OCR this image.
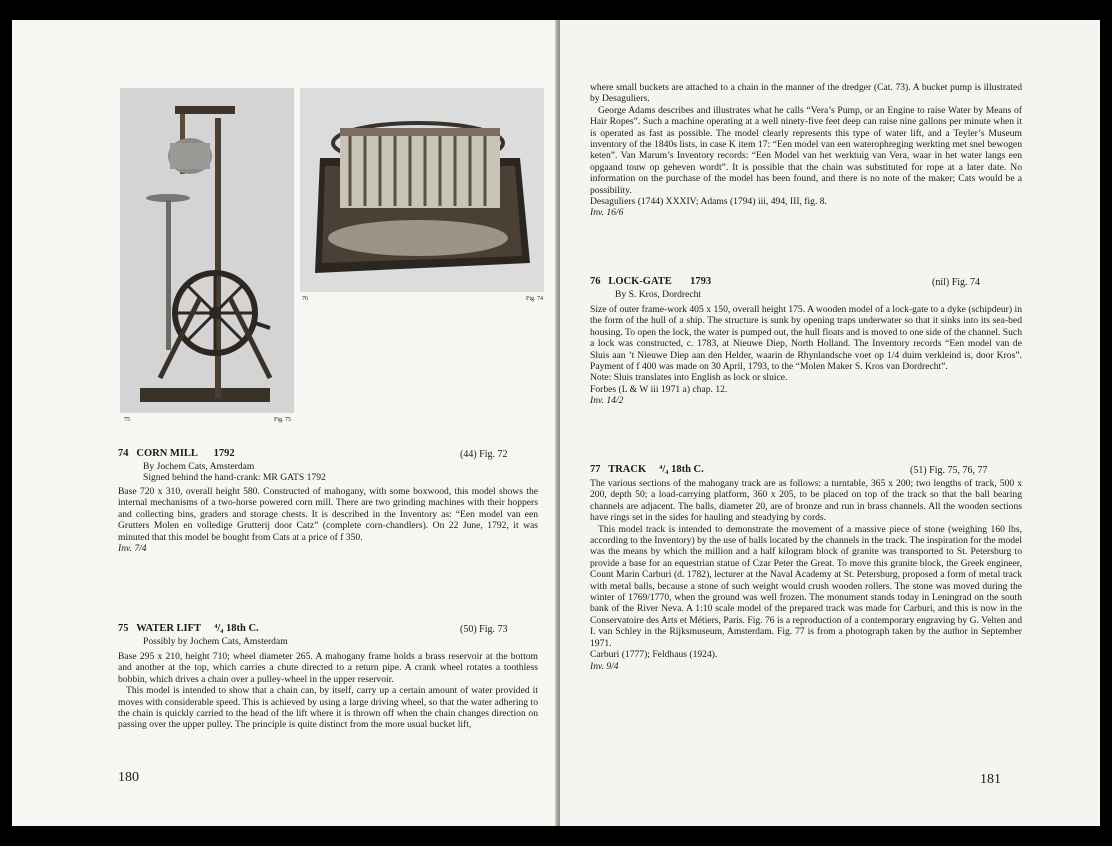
75	Fig. 75
76	Fig. 74
74 CORN MILL 1792	(44) Fig. 72
By Jochem Cats, Amsterdam
Signed behind the hand-crank: MR GATS 1792

Base 720 x 310, overall height 580. Constructed of mahogany, with some boxwood, this model shows the internal mechanisms of a two-horse powered corn mill. There are two grinding machines with their hoppers and collecting bins, graders and storage chests. It is described in the Inventory as: “Een model van een Grutters Molen en volledige Grutterij door Catz” (complete corn-chandlers). On 22 June, 1792, it was minuted that this model be bought from Cats at a price of f 350.

Inv. 7/4

75 WATER LIFT ⁴/₄ 18th C.	(50) Fig. 73
Possibly by Jochem Cats, Amsterdam

Base 295 x 210, height 710; wheel diameter 265. A mahogany frame holds a brass reservoir at the bottom and another at the top, which carries a chute directed to a return pipe. A crank wheel rotates a toothless bobbin, which drives a chain over a pulley-wheel in the upper reservoir.

This model is intended to show that a chain can, by itself, carry up a certain amount of water provided it moves with considerable speed. This is achieved by using a large driving wheel, so that the water adhering to the chain is quickly carried to the head of the lift where it is thrown off when the chain changes direction on passing over the upper pulley. The principle is quite distinct from the more usual bucket lift,

180

where small buckets are attached to a chain in the manner of the dredger (Cat. 73). A bucket pump is illustrated by Desaguliers.

George Adams describes and illustrates what he calls “Vera’s Pump, or an Engine to raise Water by Means of Hair Ropes”. Such a machine operating at a well ninety-five feet deep can raise nine gallons per minute when it is operated as fast as possible. The model clearly represents this type of water lift, and a Teyler’s Museum inventory of the 1840s lists, in case K item 17: “Een model van een waterophreging werkting met snel bewogen keten”. Van Marum’s Inventory records: “Een Model van het werktuig van Vera, waar in het water langs een opgaand touw op geheven wordt”. It is possible that the chain was substituted for rope at a later date. No information on the purchase of the model has been found, and there is no note of the maker; Cats would be a possibility.

Desaguliers (1744) XXXIV; Adams (1794) iii, 494, III, fig. 8.

Inv. 16/6

76 LOCK-GATE 1793	(nil) Fig. 74
By S. Kros, Dordrecht

Size of outer frame-work 405 x 150, overall height 175. A wooden model of a lock-gate to a dyke (schipdeur) in the form of the hull of a ship. The structure is sunk by opening traps underwater so that it sinks into its sea-bed housing. To open the lock, the water is pumped out, the hull floats and is moved to one side of the channel. Such a lock was constructed, c. 1783, at Nieuwe Diep, North Holland. The Inventory records “Een model van de Sluis aan ’t Nieuwe Diep aan den Helder, waarin de Rhynlandsche voet op 1/4 duim verkleind is, door Kros”. Payment of f 400 was made on 30 April, 1793, to the “Molen Maker S. Kros van Dordrecht”.

Note: Sluis translates into English as lock or sluice.

Forbes (L & W iii 1971 a) chap. 12.

Inv. 14/2

77 TRACK ⁴/₄ 18th C.	(51) Fig. 75, 76, 77

The various sections of the mahogany track are as follows: a turntable, 365 x 200; two lengths of track, 500 x 200, depth 50; a load-carrying platform, 360 x 205, to be placed on top of the track so that the ball bearing channels are adjacent. The balls, diameter 20, are of bronze and run in brass channels. All the wooden sections have rings set in the sides for hauling and steadying by cords.

This model track is intended to demonstrate the movement of a massive piece of stone (weighing 160 lbs, according to the Inventory) by the use of balls located by the channels in the track. The inspiration for the model was the means by which the million and a half kilogram block of granite was transported to St. Petersburg to provide a base for an equestrian statue of Czar Peter the Great. To move this granite block, the Greek engineer, Count Marin Carburi (d. 1782), lecturer at the Naval Academy at St. Petersburg, proposed a form of metal track with metal balls, because a stone of such weight would crush wooden rollers. The stone was moved during the winter of 1769/1770, when the ground was well frozen. The monument stands today in Leningrad on the south bank of the River Neva. A 1:10 scale model of the prepared track was made for Carburi, and this is now in the Conservatoire des Arts et Métiers, Paris. Fig. 76 is a reproduction of a contemporary engraving by G. Velten and I. van Schley in the Rijksmuseum, Amsterdam. Fig. 77 is from a photograph taken by the author in September 1971.

Carburi (1777); Feldhaus (1924).

Inv. 9/4

181
